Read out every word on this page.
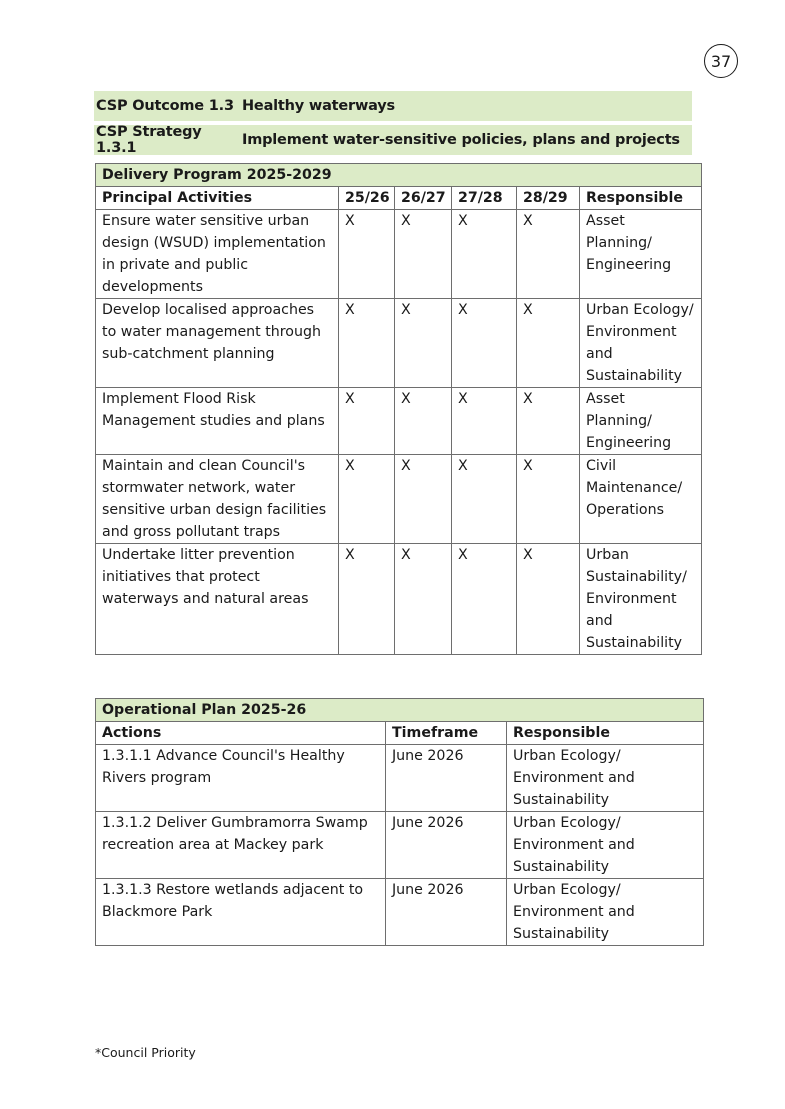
37
CSP Outcome 1.3 Healthy waterways
CSP Strategy 1.3.1	Implement water-sensitive policies, plans and projects
Delivery Program 2025-2029					
Principal Activities	25/26	26/27	27/28	28/29	Responsible
Ensure water sensitive urban design (WSUD) implementation in private and public developments	X	X	X	X	Asset Planning/ Engineering
Develop localised approaches to water management through sub-catchment planning	X	X	X	X	Urban Ecology/ Environment and Sustainability
Implement Flood Risk Management studies and plans	X	X	X	X	Asset Planning/ Engineering
Maintain and clean Council's stormwater network, water sensitive urban design facilities and gross pollutant traps	X	X	X	X	Civil Maintenance/ Operations
Undertake litter prevention initiatives that protect waterways and natural areas	X	X	X	X	Urban Sustainability/ Environment and Sustainability
Operational Plan 2025-26		
Actions	Timeframe	Responsible
1.3.1.1 Advance Council's Healthy Rivers program	June 2026	Urban Ecology/ Environment and Sustainability
1.3.1.2 Deliver Gumbramorra Swamp recreation area at Mackey park	June 2026	Urban Ecology/ Environment and Sustainability
1.3.1.3 Restore wetlands adjacent to Blackmore Park	June 2026	Urban Ecology/ Environment and Sustainability
*Council Priority
